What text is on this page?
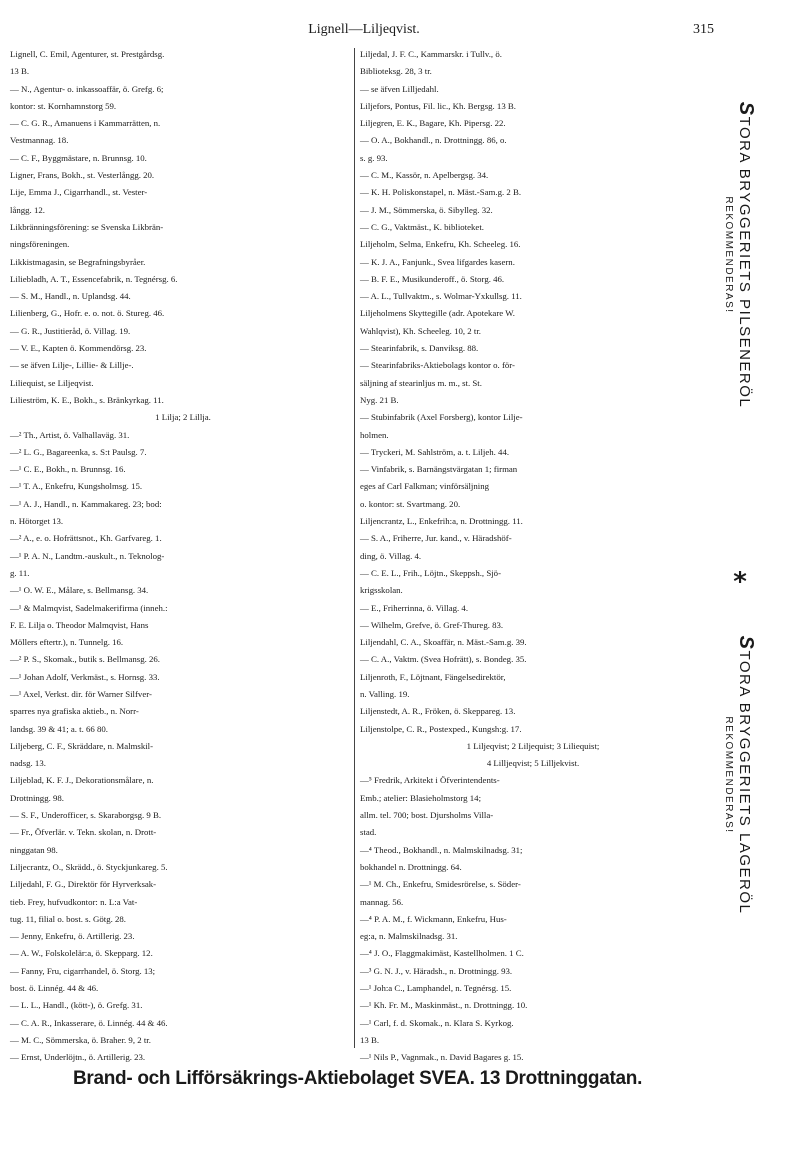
Lignell—Liljeqvist.	315
Lignell, C. Emil, Agenturer, st. Prestgårdsg.
13 B.
— N., Agentur- o. inkassoaffär, ö. Grefg. 6;
kontor: st. Kornhamnstorg 59.
— C. G. R., Amanuens i Kammarrätten, n.
Vestmannag. 18.
— C. F., Byggmästare, n. Brunnsg. 10.
Ligner, Frans, Bokh., st. Vesterlångg. 20.
Lije, Emma J., Cigarrhandl., st. Vester-
långg. 12.
Likbränningsförening: se Svenska Likbrän-
ningsföreningen.
Likkistmagasin, se Begrafningsbyråer.
Liliebladh, A. T., Essencefabrik, n. Tegnérsg. 6.
— S. M., Handl., n. Uplandsg. 44.
Lilienberg, G., Hofr. e. o. not. ö. Stureg. 46.
— G. R., Justitieråd, ö. Villag. 19.
— V. E., Kapten ö. Kommendörsg. 23.
— se äfven Lilje-, Lillie- & Lillje-.
Liliequist, se Liljeqvist.
Lilieström, K. E., Bokh., s. Bränkyrkag. 11.
1 Lilja; 2 Lillja.
—² Th., Artist, ö. Valhallaväg. 31.
—² L. G., Bagareenka, s. S:t Paulsg. 7.
—¹ C. E., Bokh., n. Brunnsg. 16.
—¹ T. A., Enkefru, Kungsholmsg. 15.
—¹ A. J., Handl., n. Kammakareg. 23; bod:
n. Hötorget 13.
—² A., e. o. Hofrättsnot., Kh. Garfvareg. 1.
—¹ P. A. N., Landtm.-auskult., n. Teknolog-
g. 11.
—¹ O. W. E., Målare, s. Bellmansg. 34.
—¹ & Malmqvist, Sadelmakerifirma (inneh.:
F. E. Lilja o. Theodor Malmqvist, Hans
Möllers eftertr.), n. Tunnelg. 16.
—² P. S., Skomak., butik s. Bellmansg. 26.
—¹ Johan Adolf, Verkmäst., s. Hornsg. 33.
—¹ Axel, Verkst. dir. för Warner Silfver-
sparres nya grafiska aktieb., n. Norr-
landsg. 39 & 41; a. t. 66 80.
Liljeberg, C. F., Skräddare, n. Malmskil-
nadsg. 13.
Liljeblad, K. F. J., Dekorationsmålare, n.
Drottningg. 98.
— S. F., Underofficer, s. Skaraborgsg. 9 B.
— Fr., Öfverlär. v. Tekn. skolan, n. Drott-
ninggatan 98.
Liljecrantz, O., Skrädd., ö. Styckjunkareg. 5.
Liljedahl, F. G., Direktör för Hyrverksak-
tieb. Frey, hufvudkontor: n. L:a Vat-
tug. 11, filial o. bost. s. Götg. 28.
— Jenny, Enkefru, ö. Artillerig. 23.
— A. W., Folskolelär:a, ö. Skepparg. 12.
— Fanny, Fru, cigarrhandel, ö. Storg. 13;
bost. ö. Linnég. 44 & 46.
— L. L., Handl., (kött-), ö. Grefg. 31.
— C. A. R., Inkasserare, ö. Linnég. 44 & 46.
— M. C., Sömmerska, ö. Brahег. 9, 2 tr.
— Ernst, Underlöjtn., ö. Artillerig. 23.
Liljedal, J. F. C., Kammarskr. i Tullv., ö.
Biblioteksg. 28, 3 tr.
— se äfven Lilljedahl.
Liljefors, Pontus, Fil. lic., Kh. Bergsg. 13 B.
Liljegren, E. K., Bagare, Kh. Pipersg. 22.
— O. A., Bokhandl., n. Drottningg. 86, o.
s. g. 93.
— C. M., Kassör, n. Apelbergsg. 34.
— K. H. Poliskonstapel, n. Mäst.-Sam.g. 2 B.
— J. M., Sömmerska, ö. Sibylleg. 32.
— C. G., Vaktmäst., K. biblioteket.
Liljeholm, Selma, Enkefru, Kh. Scheeleg. 16.
— K. J. A., Fanjunk., Svea lifgardes kasern.
— B. F. E., Musikunderoff., ö. Storg. 46.
— A. L., Tullvaktm., s. Wolmar-Yxkullsg. 11.
Liljeholmens Skyttegille (adr. Apotekare W.
Wahlqvist), Kh. Scheeleg. 10, 2 tr.
— Stearinfabrik, s. Danviksg. 88.
— Stearinfabriks-Aktiebolags kontor o. för-
säljning af stearinljus m. m., st. St.
Nyg. 21 B.
— Stubinfabrik (Axel Forsberg), kontor Lilje-
holmen.
— Tryckeri, M. Sahlström, a. t. Liljeh. 44.
— Vinfabrik, s. Barnängstvärgatan 1; firman
eges af Carl Falkman; vinförsäljning
o. kontor: st. Svartmang. 20.
Liljencrantz, L., Enkefrih:a, n. Drottningg. 11.
— S. A., Friherre, Jur. kand., v. Häradshöf-
ding, ö. Villag. 4.
— C. E. L., Frih., Löjtn., Skeppsh., Sjö-
krigsskolan.
— E., Friherrinna, ö. Villag. 4.
— Wilhelm, Grefve, ö. Gref-Thureg. 83.
Liljendahl, C. A., Skoaffär, n. Mäst.-Sam.g. 39.
— C. A., Vaktm. (Svea Hofrätt), s. Bondeg. 35.
Liljenroth, F., Löjtnant, Fängelsedirektör,
n. Valling. 19.
Liljenstedt, A. R., Fröken, ö. Skeppareg. 13.
Liljenstolpe, C. R., Postexped., Kungsh:g. 17.
1 Liljeqvist; 2 Liljequist; 3 Liliequist;
4 Lilljeqvist; 5 Lilljekvist.
—⁵ Fredrik, Arkitekt i Öfverintendents-
Emb.; atelier: Blasieholmstorg 14;
allm. tel. 700; bost. Djursholms Villa-
stad.
—⁴ Theod., Bokhandl., n. Malmskilnadsg. 31;
bokhandel n. Drottningg. 64.
—¹ M. Ch., Enkefru, Smidesrörelse, s. Söder-
mannag. 56.
—⁴ P. A. M., f. Wickmann, Enkefru, Hus-
eg:a, n. Malmskilnadsg. 31.
—⁴ J. O., Flaggmakimäst, Kastellholmen. 1 C.
—³ G. N. J., v. Häradsh., n. Drottningg. 93.
—¹ Joh:a C., Lamphandel, n. Tegnérsg. 15.
—¹ Kh. Fr. M., Maskinmäst., n. Drottningg. 10.
—¹ Carl, f. d. Skomak., n. Klara S. Kyrkog.
13 B.
—¹ Nils P., Vagnmak., n. David Bagares g. 15.
STORA BRYGGERIETS PILSENERÖL
REKOMMENDERAS!
*
STORA BRYGGERIETS LAGERÖL
REKOMMENDERAS!
Brand- och Lifförsäkrings-Aktiebolaget SVEA. 13 Drottninggatan.
